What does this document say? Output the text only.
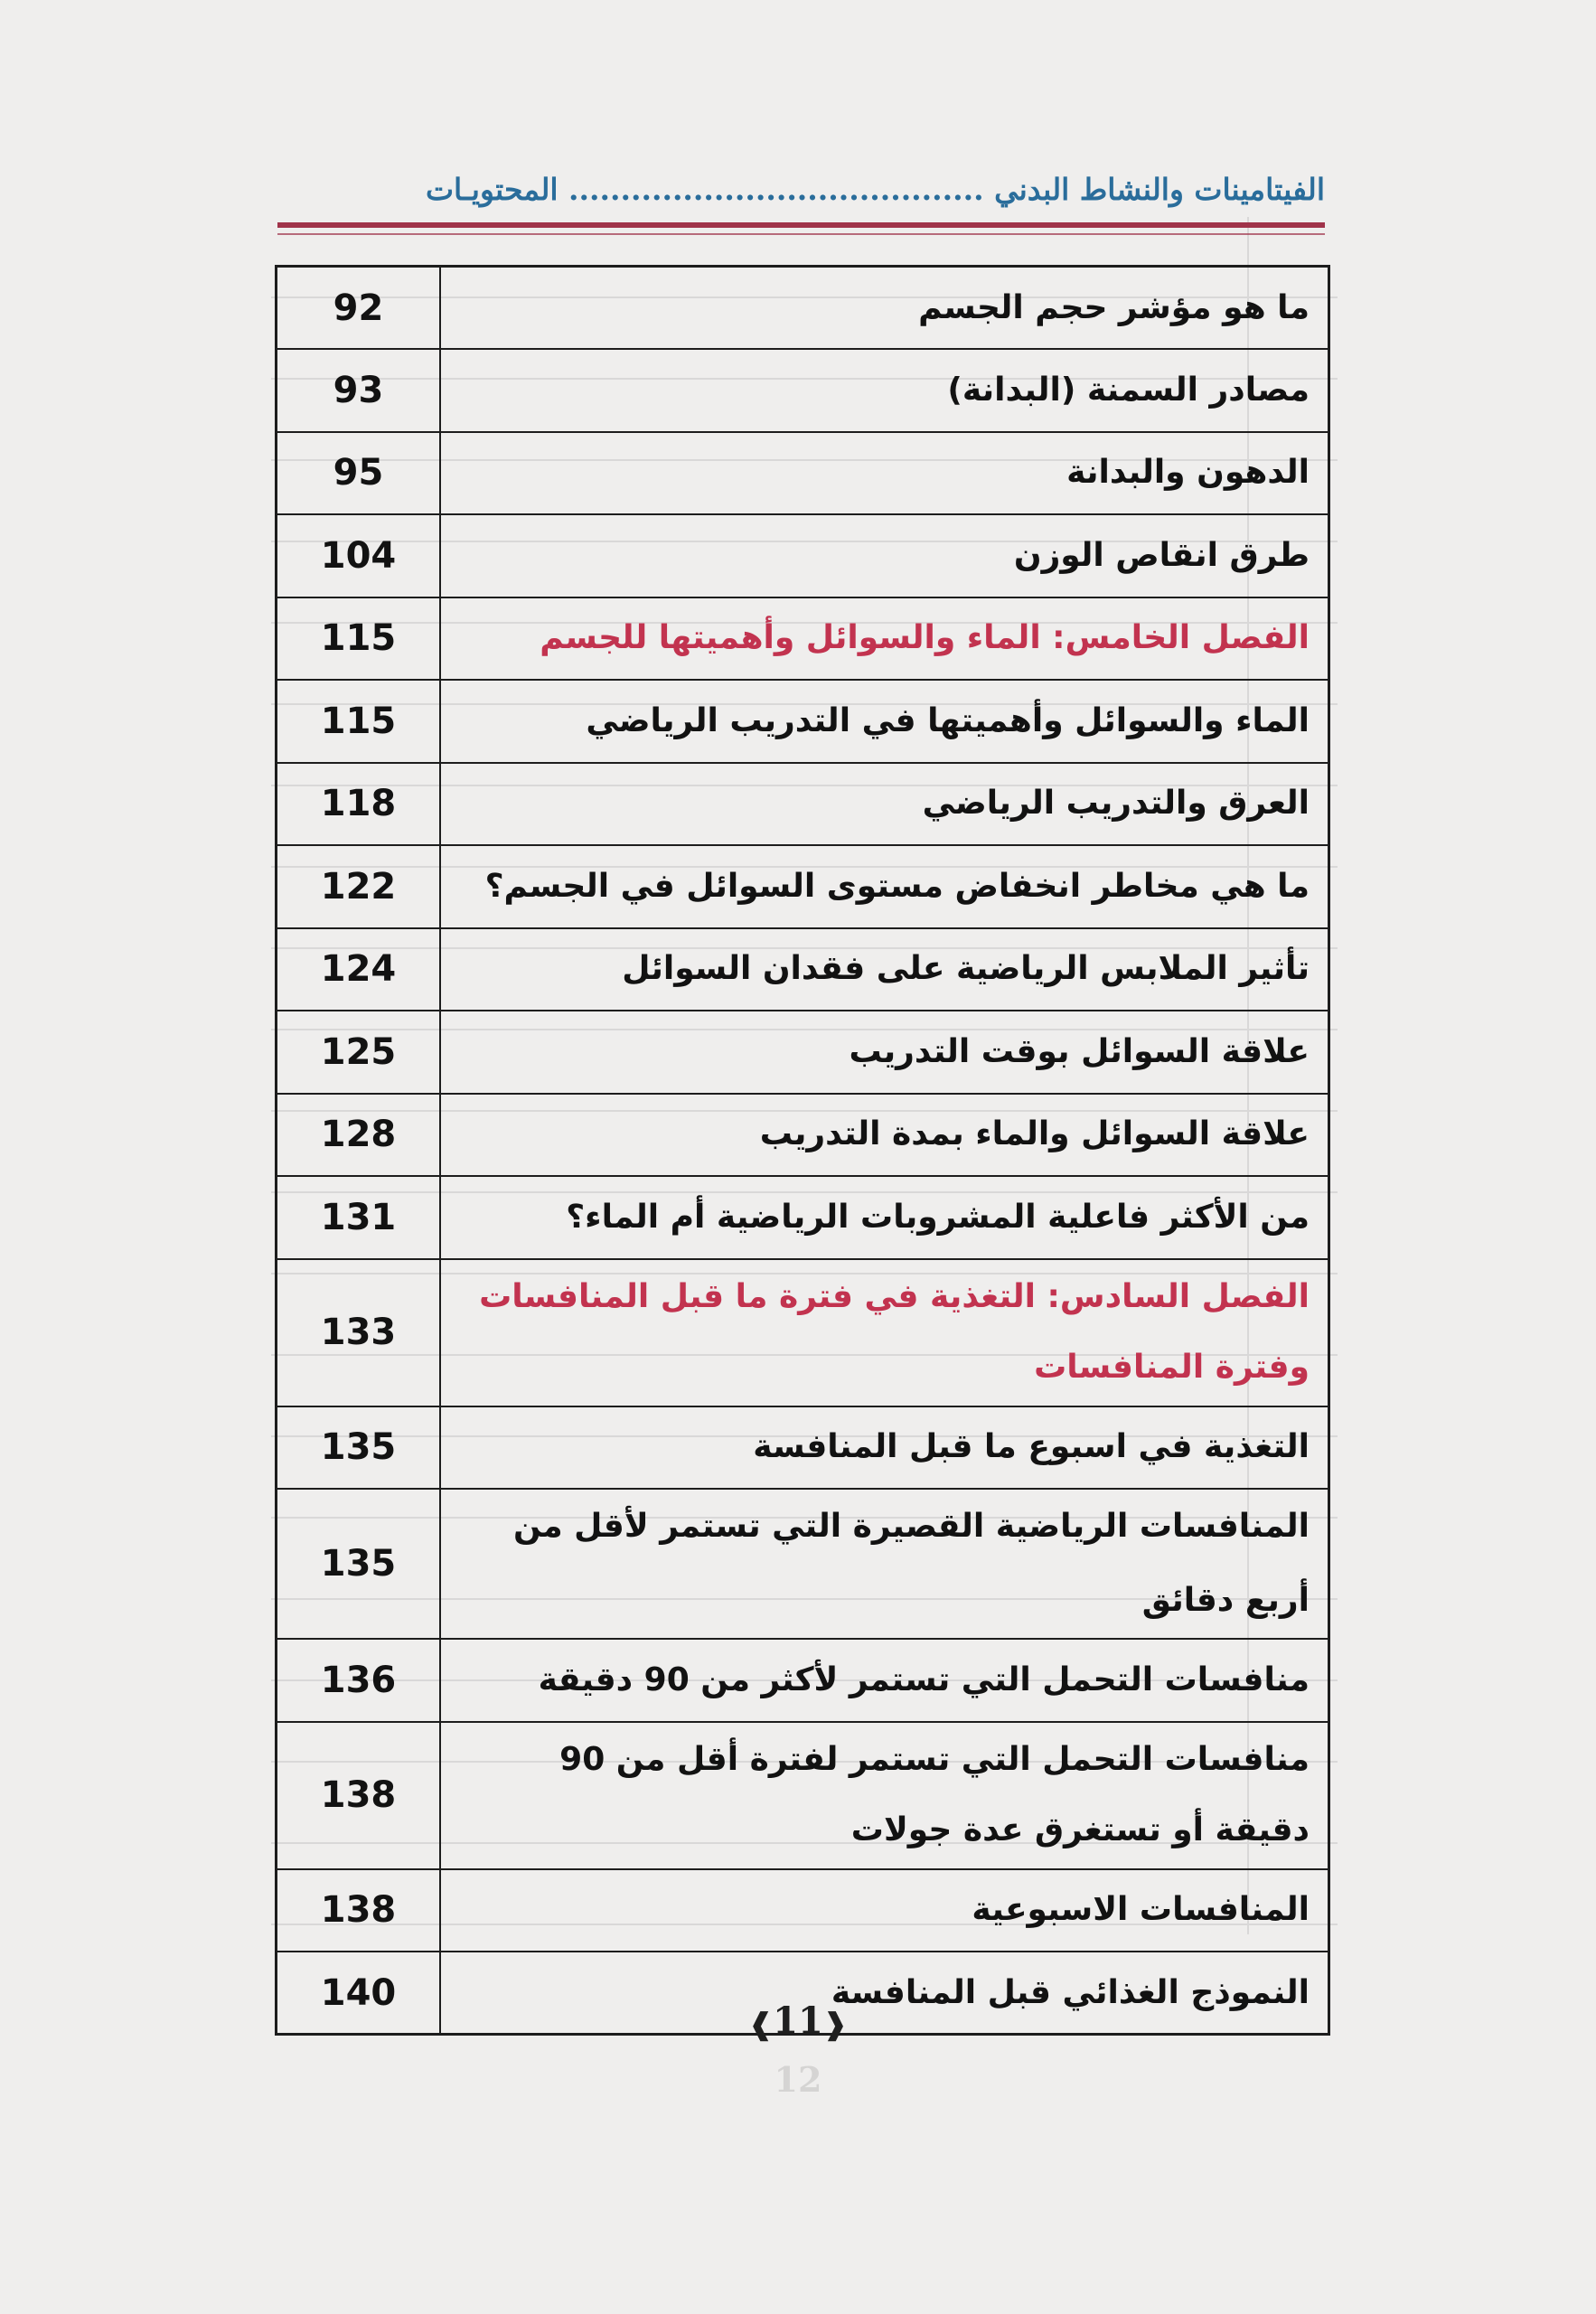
الفيتامينات والنشاط البدني ........................................ المحتويـات
ما هو مؤشر حجم الجسم	92
مصادر السمنة (البدانة)	93
الدهون والبدانة	95
طرق انقاص الوزن	104
الفصل الخامس: الماء والسوائل وأهميتها للجسم	115
الماء والسوائل وأهميتها في التدريب الرياضي	115
العرق والتدريب الرياضي	118
ما هي مخاطر انخفاض مستوى السوائل في الجسم؟	122
تأثير الملابس الرياضية على فقدان السوائل	124
علاقة السوائل بوقت التدريب	125
علاقة السوائل والماء بمدة التدريب	128
من الأكثر فاعلية المشروبات الرياضية أم الماء؟	131
الفصل السادس: التغذية في فترة ما قبل المنافسات وفترة المنافسات	133
التغذية في اسبوع ما قبل المنافسة	135
المنافسات الرياضية القصيرة التي تستمر لأقل من أربع دقائق	135
منافسات التحمل التي تستمر لأكثر من 90 دقيقة	136
منافسات التحمل التي تستمر لفترة أقل من 90 دقيقة أو تستغرق عدة جولات	138
المنافسات الاسبوعية	138
النموذج الغذائي قبل المنافسة	140
❰11❱
12
